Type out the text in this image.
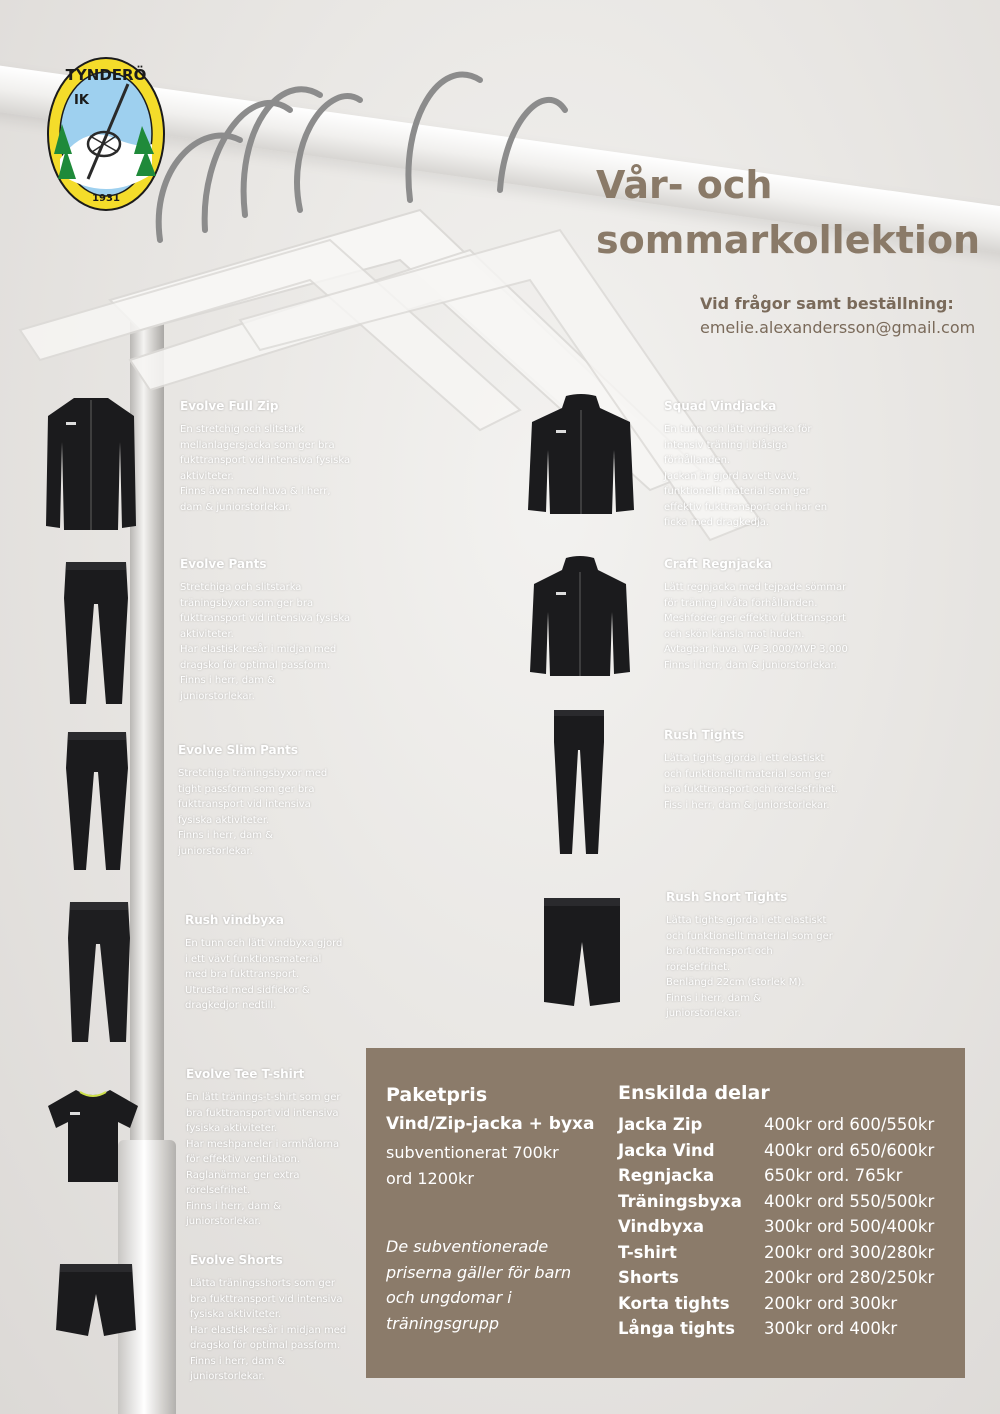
TYNDERÖ
IK
1931	Vår- och
sommarkollektion
Vid frågor samt beställning:
emelie.alexandersson@gmail.com
Evolve Full Zip
En stretchig och slitstark
mellanlagersjacka som ger bra
fukttransport vid intensiva fysiska
aktiviteter.
Finns även med huva & i herr,
dam & juniorstorlekar.
Evolve Pants
Stretchiga och slitstarka
träningsbyxor som ger bra
fukttransport vid intensiva fysiska
aktiviteter.
Har elastisk resår i midjan med
dragsko för optimal passform.
Finns i herr, dam &
juniorstorlekar.
Evolve Slim Pants
Stretchiga träningsbyxor med
tight passform som ger bra
fukttransport vid intensiva
fysiska aktiviteter.
Finns i herr, dam &
juniorstorlekar.
Rush vindbyxa
En tunn och lätt vindbyxa gjord
i ett vävt funktionsmaterial
med bra fukttransport.
Utrustad med sidfickor &
dragkedjor nedtill.
Evolve Tee T-shirt
En lätt tränings-t-shirt som ger
bra fukttransport vid intensiva
fysiska aktiviteter.
Har meshpaneler i armhålorna
för effektiv ventilation.
Raglanärmar ger extra
rörelsefrihet.
Finns i herr, dam &
juniorstorlekar.
Evolve Shorts
Lätta träningsshorts som ger
bra fukttransport vid intensiva
fysiska aktiviteter.
Har elastisk resår i midjan med
dragsko för optimal passform.
Finns i herr, dam &
juniorstorlekar.
Squad Vindjacka
En tunn och lätt vindjacka för
intensiv träning i blåsiga
förhållanden.
Jackan är gjord av ett vävt,
funktionellt material som ger
effektiv fukttransport och har en
ficka med dragkedja.
Craft Regnjacka
Lätt regnjacka med tejpade sömmar
för träning i våta förhållanden.
Meshfoder ger effektiv fukttransport
och skön känsla mot huden.
Avtagbar huva. WP 3,000/MVP 3,000
Finns i herr, dam & juniorstorlekar.
Rush Tights
Lätta tights gjorda i ett elastiskt
och funktionellt material som ger
bra fukttransport och rörelsefrihet.
Fiss i herr, dam & juniorstorlekar.
Rush Short Tights
Lätta tights gjorda i ett elastiskt
och funktionellt material som ger
bra fukttransport och
rörelsefrihet.
Benlängd 22cm (storlek M).
Finns i herr, dam &
juniorstorlekar.
Paketpris
Vind/Zip-jacka + byxa
subventionerat 700kr
ord 1200kr
De subventionerade priserna gäller för barn och ungdomar i träningsgrupp
Enskilda delar
Jacka Zip	400kr ord 600/550kr
Jacka Vind	400kr ord 650/600kr
Regnjacka	650kr ord. 765kr
Träningsbyxa 400kr ord 550/500kr
Vindbyxa	300kr ord 500/400kr
T-shirt	200kr ord 300/280kr
Shorts	200kr ord 280/250kr
Korta tights 200kr ord 300kr
Långa tights 300kr ord 400kr
